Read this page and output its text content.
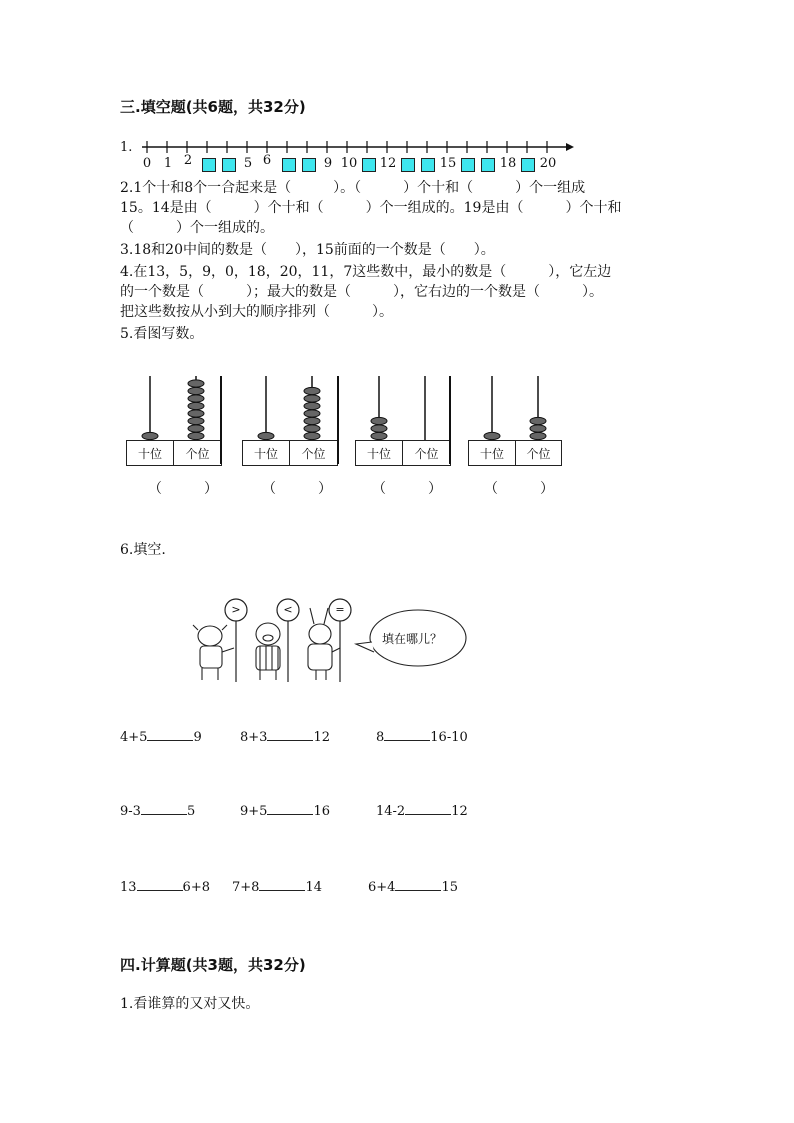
三.填空题(共6题，共32分)
1.
0 1 2	5 6	9 10 12	15	18 20
2.1个十和8个一合起来是（　　　）。（　　　）个十和（　　　）个一组成
15。14是由（　　　）个十和（　　　）个一组成的。19是由（　　　）个十和
（　　　）个一组成的。
3.18和20中间的数是（　　），15前面的一个数是（　　）。
4.在13，5，9，0，18，20，11，7这些数中，最小的数是（　　　），它左边
的一个数是（　　　）；最大的数是（　　　），它右边的一个数是（　　　）。
把这些数按从小到大的顺序排列（　　　）。
5.看图写数。
十位	个位
（　　　）
十位	个位
（　　　）
十位	个位
（　　　）
十位	个位
（　　　）
6.填空.
>	<	=
填在哪儿？
4+5	9	8+3	12	8	16-10
9-3	5	9+5	16	14-2	12
13	6+8 7+8	14	6+4	15
四.计算题(共3题，共32分)
1.看谁算的又对又快。
